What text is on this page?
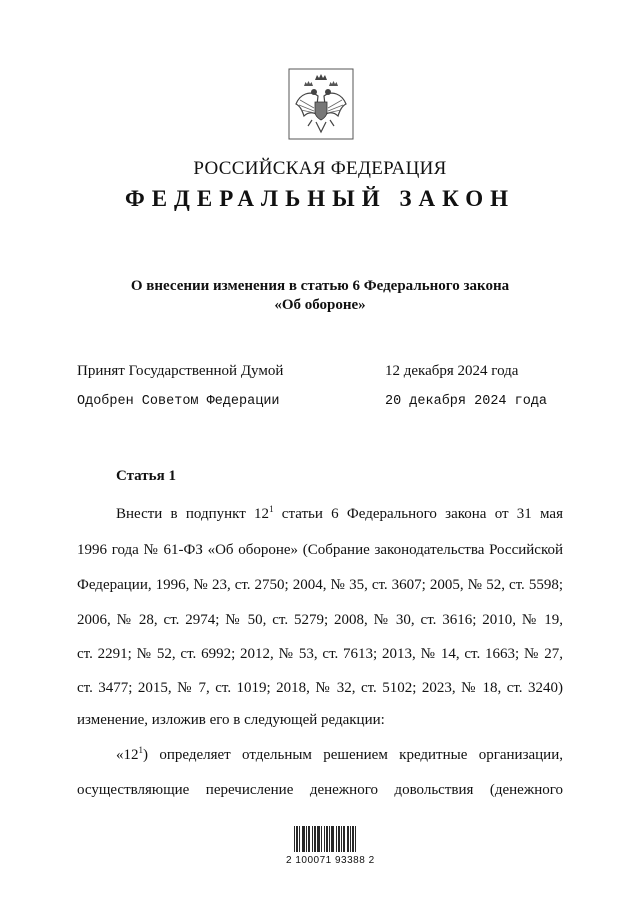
РОССИЙСКАЯ ФЕДЕРАЦИЯ
ФЕДЕРАЛЬНЫЙ ЗАКОН
О внесении изменения в статью 6 Федерального закона
«Об обороне»
Принят Государственной Думой	12 декабря 2024 года
Одобрен Советом Федерации	20 декабря 2024 года
Статья 1
Внести в подпункт $12^1$ статьи 6 Федерального закона от 31 мая
1996 года № 61-ФЗ «Об обороне» (Собрание законодательства Российской
Федерации, 1996, № 23, ст. 2750; 2004, № 35, ст. 3607; 2005, № 52, ст. 5598;
2006, № 28, ст. 2974; № 50, ст. 5279; 2008, № 30, ст. 3616; 2010, № 19,
ст. 2291; № 52, ст. 6992; 2012, № 53, ст. 7613; 2013, № 14, ст. 1663; № 27,
ст. 3477; 2015, № 7, ст. 1019; 2018, № 32, ст. 5102; 2023, № 18, ст. 3240)
изменение, изложив его в следующей редакции:
«$12^1$) определяет отдельным решением кредитные организации,
осуществляющие перечисление денежного довольствия (денежного
2 100071 93388 2
